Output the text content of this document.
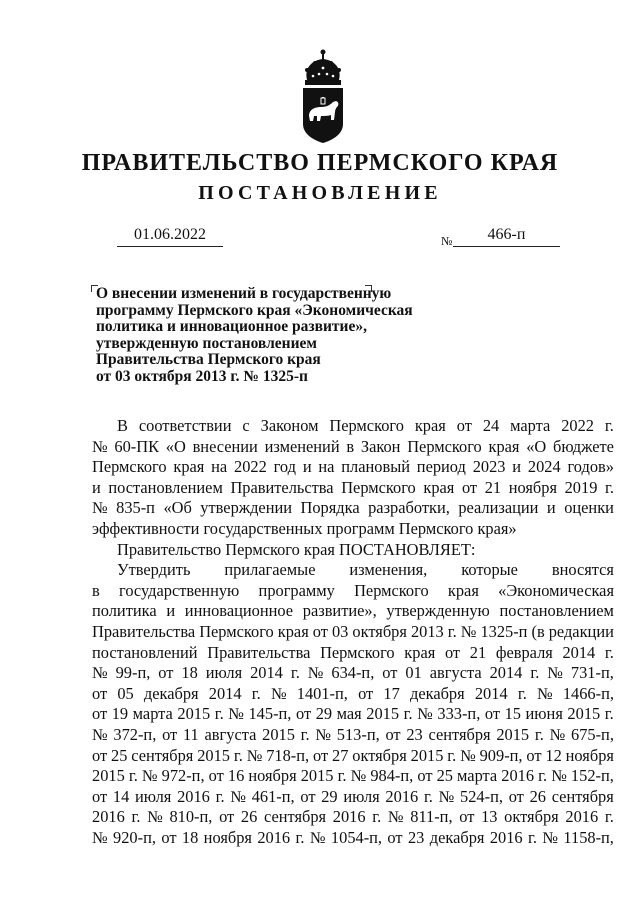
ПРАВИТЕЛЬСТВО ПЕРМСКОГО КРАЯ
ПОСТАНОВЛЕНИЕ
01.06.2022	№	466-п
О внесении изменений в государственную
программу Пермского края «Экономическая
политика и инновационное развитие»,
утвержденную постановлением
Правительства Пермского края
от 03 октября 2013 г. № 1325-п
В соответствии с Законом Пермского края от 24 марта 2022 г.
№ 60-ПК «О внесении изменений в Закон Пермского края «О бюджете
Пермского края на 2022 год и на плановый период 2023 и 2024 годов»
и постановлением Правительства Пермского края от 21 ноября 2019 г.
№ 835-п «Об утверждении Порядка разработки, реализации и оценки
эффективности государственных программ Пермского края»
Правительство Пермского края ПОСТАНОВЛЯЕТ:
Утвердить прилагаемые изменения, которые вносятся
в государственную программу Пермского края «Экономическая
политика и инновационное развитие», утвержденную постановлением
Правительства Пермского края от 03 октября 2013 г. № 1325-п (в редакции
постановлений Правительства Пермского края от 21 февраля 2014 г.
№ 99-п, от 18 июля 2014 г. № 634-п, от 01 августа 2014 г. № 731-п,
от 05 декабря 2014 г. № 1401-п, от 17 декабря 2014 г. № 1466-п,
от 19 марта 2015 г. № 145-п, от 29 мая 2015 г. № 333-п, от 15 июня 2015 г.
№ 372-п, от 11 августа 2015 г. № 513-п, от 23 сентября 2015 г. № 675-п,
от 25 сентября 2015 г. № 718-п, от 27 октября 2015 г. № 909-п, от 12 ноября
2015 г. № 972-п, от 16 ноября 2015 г. № 984-п, от 25 марта 2016 г. № 152-п,
от 14 июля 2016 г. № 461-п, от 29 июля 2016 г. № 524-п, от 26 сентября
2016 г. № 810-п, от 26 сентября 2016 г. № 811-п, от 13 октября 2016 г.
№ 920-п, от 18 ноября 2016 г. № 1054-п, от 23 декабря 2016 г. № 1158-п,
